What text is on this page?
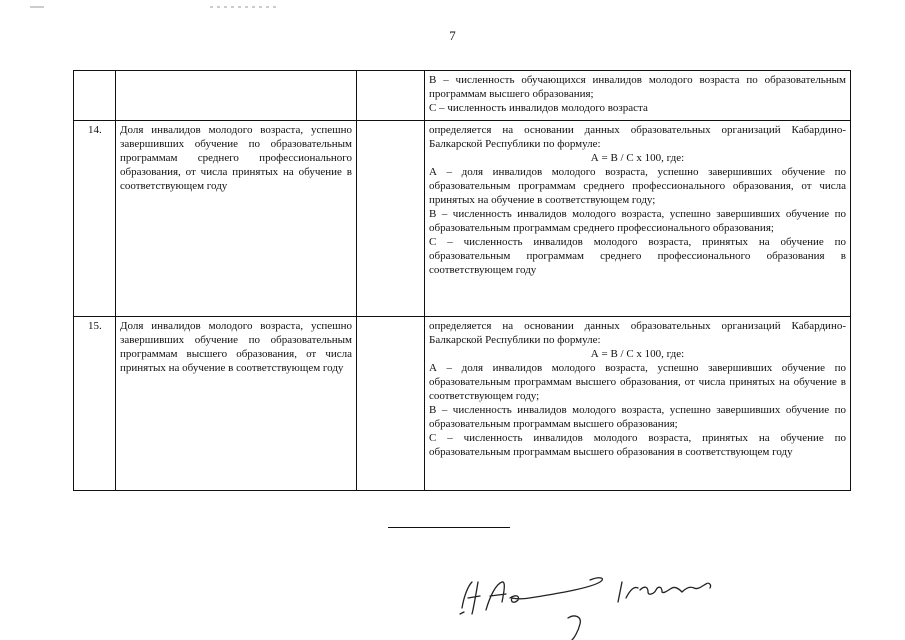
7

			В – численность обучающихся инвалидов молодого возраста по образовательным программам высшего образования;
С – численность инвалидов молодого возраста

14.	Доля инвалидов молодого возраста, успешно завершивших обучение по образовательным программам среднего профессионального образования, от числа принятых на обучение в соответствующем году		определяется на основании данных образовательных организаций Кабардино-Балкарской Республики по формуле:
А = В / С х 100, где:
А – доля инвалидов молодого возраста, успешно завершивших обучение по образовательным программам среднего профессионального образования, от числа принятых на обучение в соответствующем году;
В – численность инвалидов молодого возраста, успешно завершивших обучение по образовательным программам среднего профессионального образования;
С – численность инвалидов молодого возраста, принятых на обучение по образовательным программам среднего профессионального образования в соответствующем году

15.	Доля инвалидов молодого возраста, успешно завершивших обучение по образовательным программам высшего образования, от числа принятых на обучение в соответствующем году		определяется на основании данных образовательных организаций Кабардино-Балкарской Республики по формуле:
А = В / С х 100, где:
А – доля инвалидов молодого возраста, успешно завершивших обучение по образовательным программам высшего образования, от числа принятых на обучение в соответствующем году;
В – численность инвалидов молодого возраста, успешно завершивших обучение по образовательным программам высшего образования;
С – численность инвалидов молодого возраста, принятых на обучение по образовательным программам высшего образования в соответствующем году
